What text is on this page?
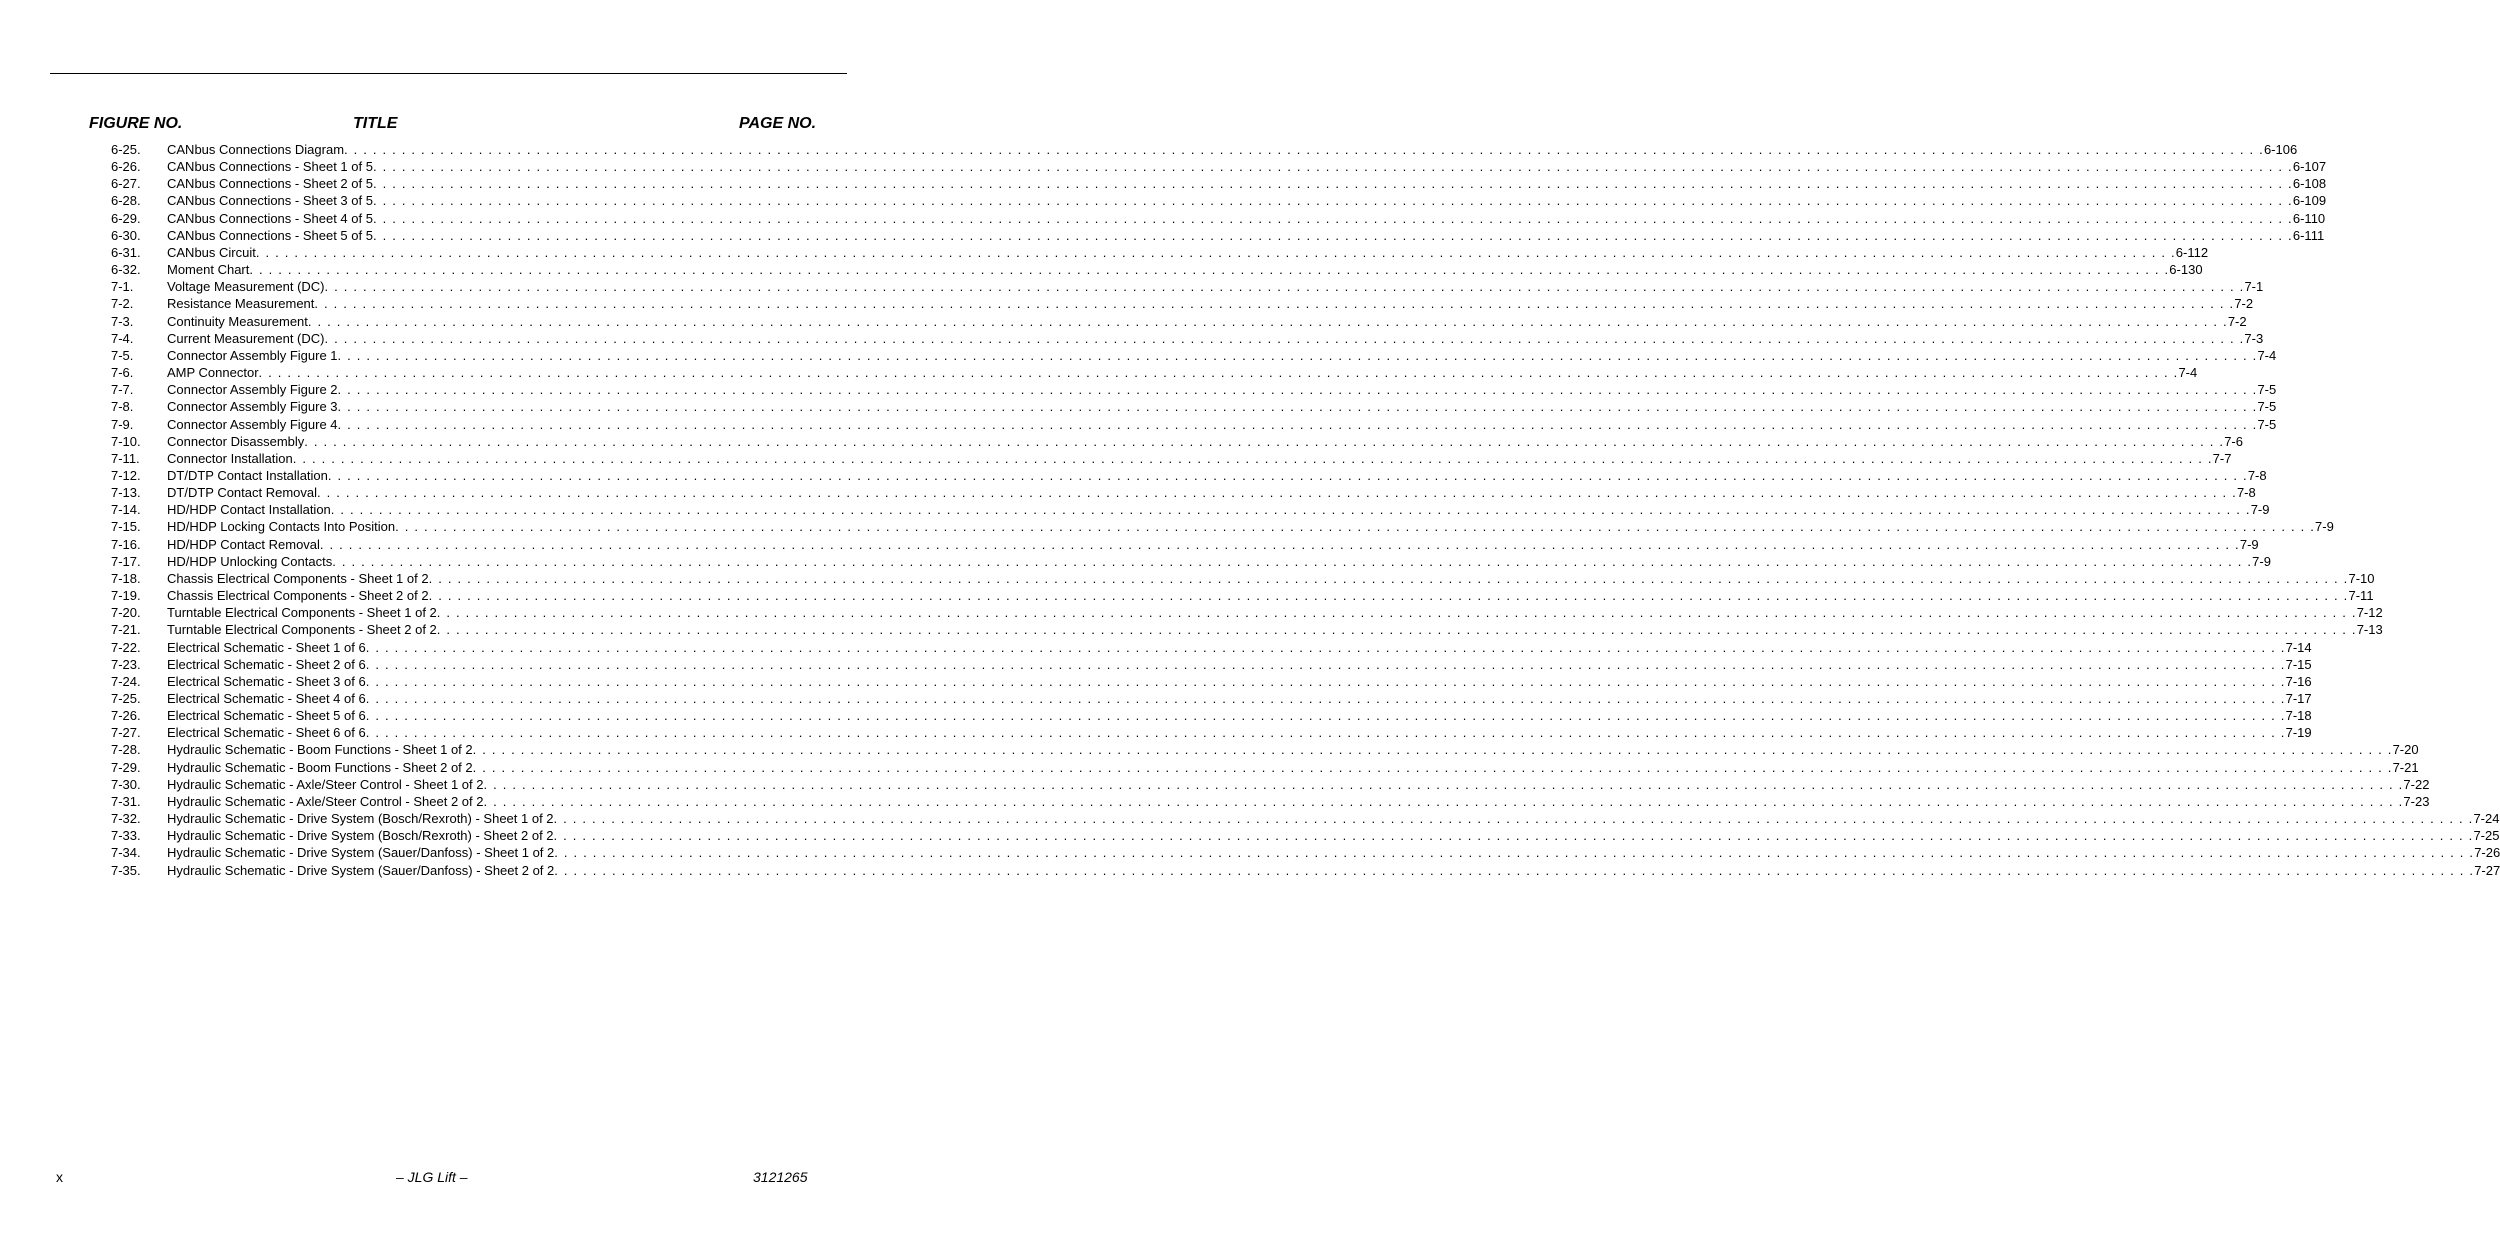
FIGURE NO.	TITLE	PAGE NO.
6-25. CANbus Connections Diagram . . . . . . . . . . . . . . . . . . . . . . . . . . . . . . . . . . . . . . . . . . . . . . . . . . . . . . . . . . . . . . . . . . . . . . . . . . . . . . . . . . . . . . . . . . . . . . . . . . . . . . . . . . . . . . . . . . . . . . . . . . . . . . . . . . . . . . . . . . . . . . . . . . . . . . . . . . . . . . . . . . . . . . . . . . . . . . . . . . . . . . . . . . . . . . . . . . . . . . . . 6-106
6-26. CANbus Connections - Sheet 1 of 5 . . . . . . . . . . . . . . . . . . . . . . . . . . . . . . . . . . . . . . . . . . . . . . . . . . . . . . . . . . . . . . . . . . . . . . . . . . . . . . . . . . . . . . . . . . . . . . . . . . . . . . . . . . . . . . . . . . . . . . . . . . . . . . . . . . . . . . . . . . . . . . . . . . . . . . . . . . . . . . . . . . . . . . . . . . . . . . . . . . . . . . . . . . . . . . . . . . . . . . . . 6-107
6-27. CANbus Connections - Sheet 2 of 5 . . . . . . . . . . . . . . . . . . . . . . . . . . . . . . . . . . . . . . . . . . . . . . . . . . . . . . . . . . . . . . . . . . . . . . . . . . . . . . . . . . . . . . . . . . . . . . . . . . . . . . . . . . . . . . . . . . . . . . . . . . . . . . . . . . . . . . . . . . . . . . . . . . . . . . . . . . . . . . . . . . . . . . . . . . . . . . . . . . . . . . . . . . . . . . . . . . . . . . . . 6-108
6-28. CANbus Connections - Sheet 3 of 5 . . . . . . . . . . . . . . . . . . . . . . . . . . . . . . . . . . . . . . . . . . . . . . . . . . . . . . . . . . . . . . . . . . . . . . . . . . . . . . . . . . . . . . . . . . . . . . . . . . . . . . . . . . . . . . . . . . . . . . . . . . . . . . . . . . . . . . . . . . . . . . . . . . . . . . . . . . . . . . . . . . . . . . . . . . . . . . . . . . . . . . . . . . . . . . . . . . . . . . . . 6-109
6-29. CANbus Connections - Sheet 4 of 5 . . . . . . . . . . . . . . . . . . . . . . . . . . . . . . . . . . . . . . . . . . . . . . . . . . . . . . . . . . . . . . . . . . . . . . . . . . . . . . . . . . . . . . . . . . . . . . . . . . . . . . . . . . . . . . . . . . . . . . . . . . . . . . . . . . . . . . . . . . . . . . . . . . . . . . . . . . . . . . . . . . . . . . . . . . . . . . . . . . . . . . . . . . . . . . . . . . . . . . . . 6-110
6-30. CANbus Connections - Sheet 5 of 5 . . . . . . . . . . . . . . . . . . . . . . . . . . . . . . . . . . . . . . . . . . . . . . . . . . . . . . . . . . . . . . . . . . . . . . . . . . . . . . . . . . . . . . . . . . . . . . . . . . . . . . . . . . . . . . . . . . . . . . . . . . . . . . . . . . . . . . . . . . . . . . . . . . . . . . . . . . . . . . . . . . . . . . . . . . . . . . . . . . . . . . . . . . . . . . . . . . . . . . . . 6-111
6-31. CANbus Circuit . . . . . . . . . . . . . . . . . . . . . . . . . . . . . . . . . . . . . . . . . . . . . . . . . . . . . . . . . . . . . . . . . . . . . . . . . . . . . . . . . . . . . . . . . . . . . . . . . . . . . . . . . . . . . . . . . . . . . . . . . . . . . . . . . . . . . . . . . . . . . . . . . . . . . . . . . . . . . . . . . . . . . . . . . . . . . . . . . . . . . . . . . . . . . . . . . . . . . . . . 6-112
6-32. Moment Chart . . . . . . . . . . . . . . . . . . . . . . . . . . . . . . . . . . . . . . . . . . . . . . . . . . . . . . . . . . . . . . . . . . . . . . . . . . . . . . . . . . . . . . . . . . . . . . . . . . . . . . . . . . . . . . . . . . . . . . . . . . . . . . . . . . . . . . . . . . . . . . . . . . . . . . . . . . . . . . . . . . . . . . . . . . . . . . . . . . . . . . . . . . . . . . . . . . . . . . . . 6-130
7-1.	Voltage Measurement (DC) . . . . . . . . . . . . . . . . . . . . . . . . . . . . . . . . . . . . . . . . . . . . . . . . . . . . . . . . . . . . . . . . . . . . . . . . . . . . . . . . . . . . . . . . . . . . . . . . . . . . . . . . . . . . . . . . . . . . . . . . . . . . . . . . . . . . . . . . . . . . . . . . . . . . . . . . . . . . . . . . . . . . . . . . . . . . . . . . . . . . . . . . . . . . . . . . . . . . . . . . 7-1
7-2.	Resistance Measurement . . . . . . . . . . . . . . . . . . . . . . . . . . . . . . . . . . . . . . . . . . . . . . . . . . . . . . . . . . . . . . . . . . . . . . . . . . . . . . . . . . . . . . . . . . . . . . . . . . . . . . . . . . . . . . . . . . . . . . . . . . . . . . . . . . . . . . . . . . . . . . . . . . . . . . . . . . . . . . . . . . . . . . . . . . . . . . . . . . . . . . . . . . . . . . . . . . . . . . . . 7-2
7-3.	Continuity Measurement . . . . . . . . . . . . . . . . . . . . . . . . . . . . . . . . . . . . . . . . . . . . . . . . . . . . . . . . . . . . . . . . . . . . . . . . . . . . . . . . . . . . . . . . . . . . . . . . . . . . . . . . . . . . . . . . . . . . . . . . . . . . . . . . . . . . . . . . . . . . . . . . . . . . . . . . . . . . . . . . . . . . . . . . . . . . . . . . . . . . . . . . . . . . . . . . . . . . . . . . 7-2
7-4.	Current Measurement (DC) . . . . . . . . . . . . . . . . . . . . . . . . . . . . . . . . . . . . . . . . . . . . . . . . . . . . . . . . . . . . . . . . . . . . . . . . . . . . . . . . . . . . . . . . . . . . . . . . . . . . . . . . . . . . . . . . . . . . . . . . . . . . . . . . . . . . . . . . . . . . . . . . . . . . . . . . . . . . . . . . . . . . . . . . . . . . . . . . . . . . . . . . . . . . . . . . . . . . . . . . 7-3
7-5.	Connector Assembly Figure 1 . . . . . . . . . . . . . . . . . . . . . . . . . . . . . . . . . . . . . . . . . . . . . . . . . . . . . . . . . . . . . . . . . . . . . . . . . . . . . . . . . . . . . . . . . . . . . . . . . . . . . . . . . . . . . . . . . . . . . . . . . . . . . . . . . . . . . . . . . . . . . . . . . . . . . . . . . . . . . . . . . . . . . . . . . . . . . . . . . . . . . . . . . . . . . . . . . . . . . . . . 7-4
7-6.	AMP Connector . . . . . . . . . . . . . . . . . . . . . . . . . . . . . . . . . . . . . . . . . . . . . . . . . . . . . . . . . . . . . . . . . . . . . . . . . . . . . . . . . . . . . . . . . . . . . . . . . . . . . . . . . . . . . . . . . . . . . . . . . . . . . . . . . . . . . . . . . . . . . . . . . . . . . . . . . . . . . . . . . . . . . . . . . . . . . . . . . . . . . . . . . . . . . . . . . . . . . . . . 7-4
7-7.	Connector Assembly Figure 2 . . . . . . . . . . . . . . . . . . . . . . . . . . . . . . . . . . . . . . . . . . . . . . . . . . . . . . . . . . . . . . . . . . . . . . . . . . . . . . . . . . . . . . . . . . . . . . . . . . . . . . . . . . . . . . . . . . . . . . . . . . . . . . . . . . . . . . . . . . . . . . . . . . . . . . . . . . . . . . . . . . . . . . . . . . . . . . . . . . . . . . . . . . . . . . . . . . . . . . . . 7-5
7-8.	Connector Assembly Figure 3 . . . . . . . . . . . . . . . . . . . . . . . . . . . . . . . . . . . . . . . . . . . . . . . . . . . . . . . . . . . . . . . . . . . . . . . . . . . . . . . . . . . . . . . . . . . . . . . . . . . . . . . . . . . . . . . . . . . . . . . . . . . . . . . . . . . . . . . . . . . . . . . . . . . . . . . . . . . . . . . . . . . . . . . . . . . . . . . . . . . . . . . . . . . . . . . . . . . . . . . . 7-5
7-9.	Connector Assembly Figure 4 . . . . . . . . . . . . . . . . . . . . . . . . . . . . . . . . . . . . . . . . . . . . . . . . . . . . . . . . . . . . . . . . . . . . . . . . . . . . . . . . . . . . . . . . . . . . . . . . . . . . . . . . . . . . . . . . . . . . . . . . . . . . . . . . . . . . . . . . . . . . . . . . . . . . . . . . . . . . . . . . . . . . . . . . . . . . . . . . . . . . . . . . . . . . . . . . . . . . . . . . 7-5
7-10. Connector Disassembly . . . . . . . . . . . . . . . . . . . . . . . . . . . . . . . . . . . . . . . . . . . . . . . . . . . . . . . . . . . . . . . . . . . . . . . . . . . . . . . . . . . . . . . . . . . . . . . . . . . . . . . . . . . . . . . . . . . . . . . . . . . . . . . . . . . . . . . . . . . . . . . . . . . . . . . . . . . . . . . . . . . . . . . . . . . . . . . . . . . . . . . . . . . . . . . . . . . . . . . . 7-6
7-11. Connector Installation . . . . . . . . . . . . . . . . . . . . . . . . . . . . . . . . . . . . . . . . . . . . . . . . . . . . . . . . . . . . . . . . . . . . . . . . . . . . . . . . . . . . . . . . . . . . . . . . . . . . . . . . . . . . . . . . . . . . . . . . . . . . . . . . . . . . . . . . . . . . . . . . . . . . . . . . . . . . . . . . . . . . . . . . . . . . . . . . . . . . . . . . . . . . . . . . . . . . . . . . 7-7
7-12. DT/DTP Contact Installation . . . . . . . . . . . . . . . . . . . . . . . . . . . . . . . . . . . . . . . . . . . . . . . . . . . . . . . . . . . . . . . . . . . . . . . . . . . . . . . . . . . . . . . . . . . . . . . . . . . . . . . . . . . . . . . . . . . . . . . . . . . . . . . . . . . . . . . . . . . . . . . . . . . . . . . . . . . . . . . . . . . . . . . . . . . . . . . . . . . . . . . . . . . . . . . . . . . . . . . . 7-8
7-13. DT/DTP Contact Removal . . . . . . . . . . . . . . . . . . . . . . . . . . . . . . . . . . . . . . . . . . . . . . . . . . . . . . . . . . . . . . . . . . . . . . . . . . . . . . . . . . . . . . . . . . . . . . . . . . . . . . . . . . . . . . . . . . . . . . . . . . . . . . . . . . . . . . . . . . . . . . . . . . . . . . . . . . . . . . . . . . . . . . . . . . . . . . . . . . . . . . . . . . . . . . . . . . . . . . . . 7-8
7-14. HD/HDP Contact Installation . . . . . . . . . . . . . . . . . . . . . . . . . . . . . . . . . . . . . . . . . . . . . . . . . . . . . . . . . . . . . . . . . . . . . . . . . . . . . . . . . . . . . . . . . . . . . . . . . . . . . . . . . . . . . . . . . . . . . . . . . . . . . . . . . . . . . . . . . . . . . . . . . . . . . . . . . . . . . . . . . . . . . . . . . . . . . . . . . . . . . . . . . . . . . . . . . . . . . . . . 7-9
7-15. HD/HDP Locking Contacts Into Position . . . . . . . . . . . . . . . . . . . . . . . . . . . . . . . . . . . . . . . . . . . . . . . . . . . . . . . . . . . . . . . . . . . . . . . . . . . . . . . . . . . . . . . . . . . . . . . . . . . . . . . . . . . . . . . . . . . . . . . . . . . . . . . . . . . . . . . . . . . . . . . . . . . . . . . . . . . . . . . . . . . . . . . . . . . . . . . . . . . . . . . . . . . . . . . . . . . . . . . . 7-9
7-16. HD/HDP Contact Removal . . . . . . . . . . . . . . . . . . . . . . . . . . . . . . . . . . . . . . . . . . . . . . . . . . . . . . . . . . . . . . . . . . . . . . . . . . . . . . . . . . . . . . . . . . . . . . . . . . . . . . . . . . . . . . . . . . . . . . . . . . . . . . . . . . . . . . . . . . . . . . . . . . . . . . . . . . . . . . . . . . . . . . . . . . . . . . . . . . . . . . . . . . . . . . . . . . . . . . . . 7-9
7-17. HD/HDP Unlocking Contacts . . . . . . . . . . . . . . . . . . . . . . . . . . . . . . . . . . . . . . . . . . . . . . . . . . . . . . . . . . . . . . . . . . . . . . . . . . . . . . . . . . . . . . . . . . . . . . . . . . . . . . . . . . . . . . . . . . . . . . . . . . . . . . . . . . . . . . . . . . . . . . . . . . . . . . . . . . . . . . . . . . . . . . . . . . . . . . . . . . . . . . . . . . . . . . . . . . . . . . . . 7-9
7-18. Chassis Electrical Components - Sheet 1 of 2 . . . . . . . . . . . . . . . . . . . . . . . . . . . . . . . . . . . . . . . . . . . . . . . . . . . . . . . . . . . . . . . . . . . . . . . . . . . . . . . . . . . . . . . . . . . . . . . . . . . . . . . . . . . . . . . . . . . . . . . . . . . . . . . . . . . . . . . . . . . . . . . . . . . . . . . . . . . . . . . . . . . . . . . . . . . . . . . . . . . . . . . . . . . . . . . . . . . . . . . . 7-10
7-19. Chassis Electrical Components - Sheet 2 of 2 . . . . . . . . . . . . . . . . . . . . . . . . . . . . . . . . . . . . . . . . . . . . . . . . . . . . . . . . . . . . . . . . . . . . . . . . . . . . . . . . . . . . . . . . . . . . . . . . . . . . . . . . . . . . . . . . . . . . . . . . . . . . . . . . . . . . . . . . . . . . . . . . . . . . . . . . . . . . . . . . . . . . . . . . . . . . . . . . . . . . . . . . . . . . . . . . . . . . . . . . 7-11
7-20. Turntable Electrical Components - Sheet 1 of 2 . . . . . . . . . . . . . . . . . . . . . . . . . . . . . . . . . . . . . . . . . . . . . . . . . . . . . . . . . . . . . . . . . . . . . . . . . . . . . . . . . . . . . . . . . . . . . . . . . . . . . . . . . . . . . . . . . . . . . . . . . . . . . . . . . . . . . . . . . . . . . . . . . . . . . . . . . . . . . . . . . . . . . . . . . . . . . . . . . . . . . . . . . . . . . . . . . . . . . . . . 7-12
7-21. Turntable Electrical Components - Sheet 2 of 2 . . . . . . . . . . . . . . . . . . . . . . . . . . . . . . . . . . . . . . . . . . . . . . . . . . . . . . . . . . . . . . . . . . . . . . . . . . . . . . . . . . . . . . . . . . . . . . . . . . . . . . . . . . . . . . . . . . . . . . . . . . . . . . . . . . . . . . . . . . . . . . . . . . . . . . . . . . . . . . . . . . . . . . . . . . . . . . . . . . . . . . . . . . . . . . . . . . . . . . . . 7-13
7-22. Electrical Schematic - Sheet 1 of 6 . . . . . . . . . . . . . . . . . . . . . . . . . . . . . . . . . . . . . . . . . . . . . . . . . . . . . . . . . . . . . . . . . . . . . . . . . . . . . . . . . . . . . . . . . . . . . . . . . . . . . . . . . . . . . . . . . . . . . . . . . . . . . . . . . . . . . . . . . . . . . . . . . . . . . . . . . . . . . . . . . . . . . . . . . . . . . . . . . . . . . . . . . . . . . . . . . . . . . . . . 7-14
7-23. Electrical Schematic - Sheet 2 of 6 . . . . . . . . . . . . . . . . . . . . . . . . . . . . . . . . . . . . . . . . . . . . . . . . . . . . . . . . . . . . . . . . . . . . . . . . . . . . . . . . . . . . . . . . . . . . . . . . . . . . . . . . . . . . . . . . . . . . . . . . . . . . . . . . . . . . . . . . . . . . . . . . . . . . . . . . . . . . . . . . . . . . . . . . . . . . . . . . . . . . . . . . . . . . . . . . . . . . . . . . 7-15
7-24. Electrical Schematic - Sheet 3 of 6 . . . . . . . . . . . . . . . . . . . . . . . . . . . . . . . . . . . . . . . . . . . . . . . . . . . . . . . . . . . . . . . . . . . . . . . . . . . . . . . . . . . . . . . . . . . . . . . . . . . . . . . . . . . . . . . . . . . . . . . . . . . . . . . . . . . . . . . . . . . . . . . . . . . . . . . . . . . . . . . . . . . . . . . . . . . . . . . . . . . . . . . . . . . . . . . . . . . . . . . . 7-16
7-25. Electrical Schematic - Sheet 4 of 6 . . . . . . . . . . . . . . . . . . . . . . . . . . . . . . . . . . . . . . . . . . . . . . . . . . . . . . . . . . . . . . . . . . . . . . . . . . . . . . . . . . . . . . . . . . . . . . . . . . . . . . . . . . . . . . . . . . . . . . . . . . . . . . . . . . . . . . . . . . . . . . . . . . . . . . . . . . . . . . . . . . . . . . . . . . . . . . . . . . . . . . . . . . . . . . . . . . . . . . . . 7-17
7-26. Electrical Schematic - Sheet 5 of 6 . . . . . . . . . . . . . . . . . . . . . . . . . . . . . . . . . . . . . . . . . . . . . . . . . . . . . . . . . . . . . . . . . . . . . . . . . . . . . . . . . . . . . . . . . . . . . . . . . . . . . . . . . . . . . . . . . . . . . . . . . . . . . . . . . . . . . . . . . . . . . . . . . . . . . . . . . . . . . . . . . . . . . . . . . . . . . . . . . . . . . . . . . . . . . . . . . . . . . . . . 7-18
7-27. Electrical Schematic - Sheet 6 of 6 . . . . . . . . . . . . . . . . . . . . . . . . . . . . . . . . . . . . . . . . . . . . . . . . . . . . . . . . . . . . . . . . . . . . . . . . . . . . . . . . . . . . . . . . . . . . . . . . . . . . . . . . . . . . . . . . . . . . . . . . . . . . . . . . . . . . . . . . . . . . . . . . . . . . . . . . . . . . . . . . . . . . . . . . . . . . . . . . . . . . . . . . . . . . . . . . . . . . . . . . 7-19
7-28. Hydraulic Schematic - Boom Functions - Sheet 1 of 2 . . . . . . . . . . . . . . . . . . . . . . . . . . . . . . . . . . . . . . . . . . . . . . . . . . . . . . . . . . . . . . . . . . . . . . . . . . . . . . . . . . . . . . . . . . . . . . . . . . . . . . . . . . . . . . . . . . . . . . . . . . . . . . . . . . . . . . . . . . . . . . . . . . . . . . . . . . . . . . . . . . . . . . . . . . . . . . . . . . . . . . . . . . . . . . . . . . . . . . . . 7-20
7-29. Hydraulic Schematic - Boom Functions - Sheet 2 of 2 . . . . . . . . . . . . . . . . . . . . . . . . . . . . . . . . . . . . . . . . . . . . . . . . . . . . . . . . . . . . . . . . . . . . . . . . . . . . . . . . . . . . . . . . . . . . . . . . . . . . . . . . . . . . . . . . . . . . . . . . . . . . . . . . . . . . . . . . . . . . . . . . . . . . . . . . . . . . . . . . . . . . . . . . . . . . . . . . . . . . . . . . . . . . . . . . . . . . . . . . 7-21
7-30. Hydraulic Schematic - Axle/Steer Control - Sheet 1 of 2 . . . . . . . . . . . . . . . . . . . . . . . . . . . . . . . . . . . . . . . . . . . . . . . . . . . . . . . . . . . . . . . . . . . . . . . . . . . . . . . . . . . . . . . . . . . . . . . . . . . . . . . . . . . . . . . . . . . . . . . . . . . . . . . . . . . . . . . . . . . . . . . . . . . . . . . . . . . . . . . . . . . . . . . . . . . . . . . . . . . . . . . . . . . . . . . . . . . . . . . . 7-22
7-31. Hydraulic Schematic - Axle/Steer Control - Sheet 2 of 2 . . . . . . . . . . . . . . . . . . . . . . . . . . . . . . . . . . . . . . . . . . . . . . . . . . . . . . . . . . . . . . . . . . . . . . . . . . . . . . . . . . . . . . . . . . . . . . . . . . . . . . . . . . . . . . . . . . . . . . . . . . . . . . . . . . . . . . . . . . . . . . . . . . . . . . . . . . . . . . . . . . . . . . . . . . . . . . . . . . . . . . . . . . . . . . . . . . . . . . . . 7-23
7-32. Hydraulic Schematic - Drive System (Bosch/Rexroth) - Sheet 1 of 2 . . . . . . . . . . . . . . . . . . . . . . . . . . . . . . . . . . . . . . . . . . . . . . . . . . . . . . . . . . . . . . . . . . . . . . . . . . . . . . . . . . . . . . . . . . . . . . . . . . . . . . . . . . . . . . . . . . . . . . . . . . . . . . . . . . . . . . . . . . . . . . . . . . . . . . . . . . . . . . . . . . . . . . . . . . . . . . . . . . . . . . . . . . . . . . . . . . . . . . . . 7-24
7-33. Hydraulic Schematic - Drive System (Bosch/Rexroth) - Sheet 2 of 2 . . . . . . . . . . . . . . . . . . . . . . . . . . . . . . . . . . . . . . . . . . . . . . . . . . . . . . . . . . . . . . . . . . . . . . . . . . . . . . . . . . . . . . . . . . . . . . . . . . . . . . . . . . . . . . . . . . . . . . . . . . . . . . . . . . . . . . . . . . . . . . . . . . . . . . . . . . . . . . . . . . . . . . . . . . . . . . . . . . . . . . . . . . . . . . . . . . . . . . . . 7-25
7-34. Hydraulic Schematic - Drive System (Sauer/Danfoss) - Sheet 1 of 2 . . . . . . . . . . . . . . . . . . . . . . . . . . . . . . . . . . . . . . . . . . . . . . . . . . . . . . . . . . . . . . . . . . . . . . . . . . . . . . . . . . . . . . . . . . . . . . . . . . . . . . . . . . . . . . . . . . . . . . . . . . . . . . . . . . . . . . . . . . . . . . . . . . . . . . . . . . . . . . . . . . . . . . . . . . . . . . . . . . . . . . . . . . . . . . . . . . . . . . . . 7-26
7-35. Hydraulic Schematic - Drive System (Sauer/Danfoss) - Sheet 2 of 2 . . . . . . . . . . . . . . . . . . . . . . . . . . . . . . . . . . . . . . . . . . . . . . . . . . . . . . . . . . . . . . . . . . . . . . . . . . . . . . . . . . . . . . . . . . . . . . . . . . . . . . . . . . . . . . . . . . . . . . . . . . . . . . . . . . . . . . . . . . . . . . . . . . . . . . . . . . . . . . . . . . . . . . . . . . . . . . . . . . . . . . . . . . . . . . . . . . . . . . . . 7-27
x	– JLG Lift –	3121265
